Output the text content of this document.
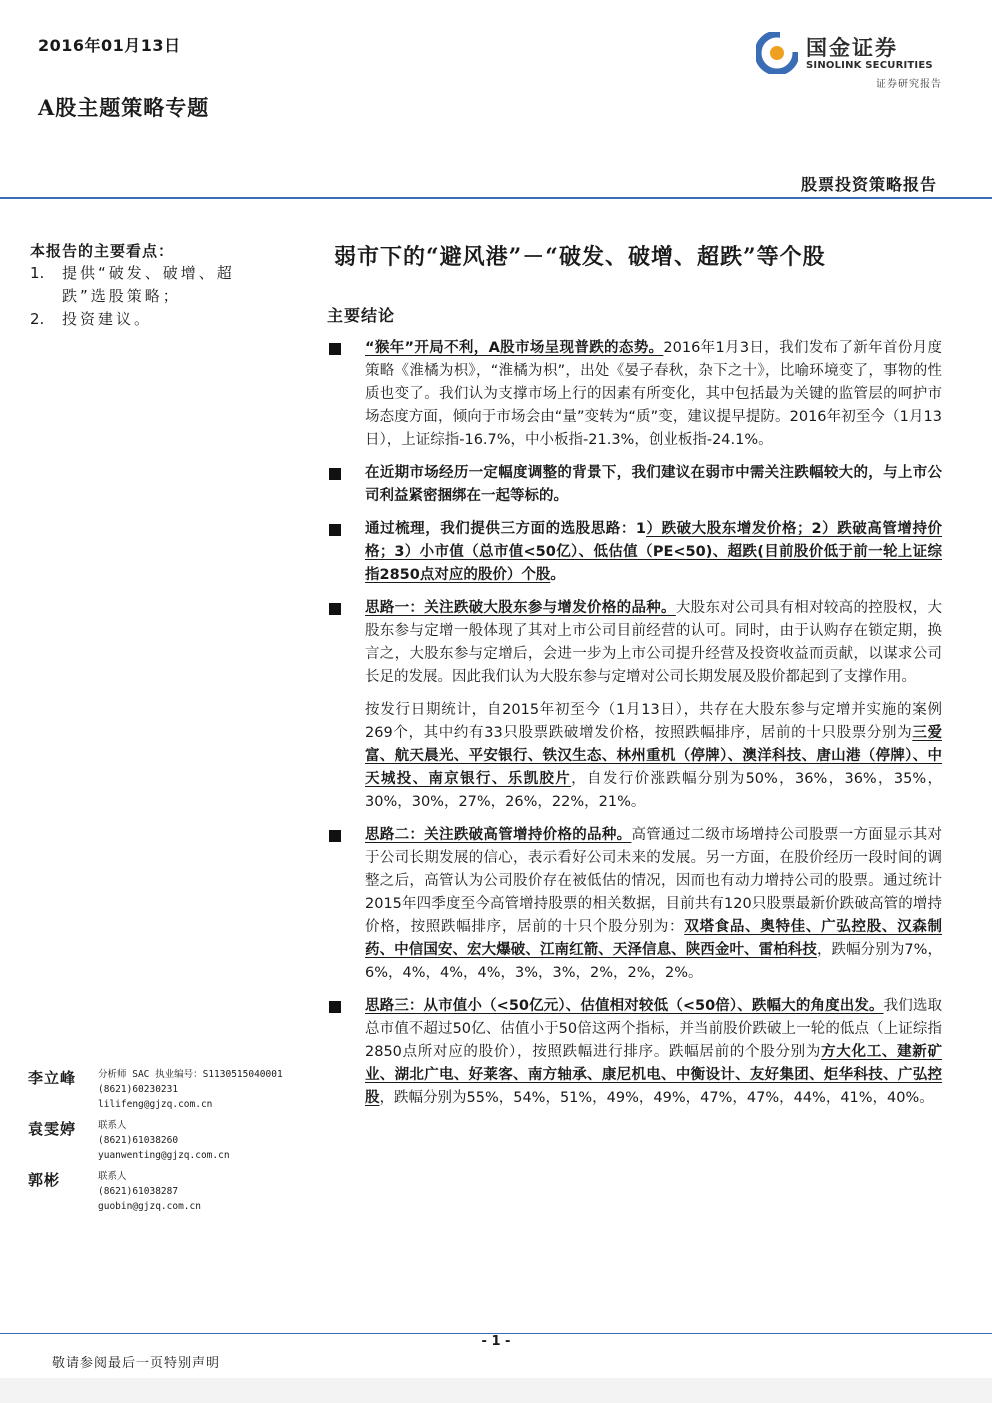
2016年01月13日
A股主题策略专题
国金证券
SINOLINK SECURITIES
证券研究报告
股票投资策略报告
本报告的主要看点：
1.	提供“破发、破增、超跌”选股策略；
2.	投资建议。
弱市下的“避风港”－“破发、破增、超跌”等个股
主要结论
“猴年”开局不利，A股市场呈现普跌的态势。2016年1月3日，我们发布了新年首份月度策略《淮橘为枳》，“淮橘为枳”，出处《晏子春秋，杂下之十》，比喻环境变了，事物的性质也变了。我们认为支撑市场上行的因素有所变化，其中包括最为关键的监管层的呵护市场态度方面，倾向于市场会由“量”变转为“质”变，建议提早提防。2016年初至今（1月13日），上证综指-16.7%，中小板指-21.3%，创业板指-24.1%。
在近期市场经历一定幅度调整的背景下，我们建议在弱市中需关注跌幅较大的，与上市公司利益紧密捆绑在一起等标的。
通过梳理，我们提供三方面的选股思路：1）跌破大股东增发价格；2）跌破高管增持价格；3）小市值（总市值<50亿）、低估值（PE<50)、超跌(目前股价低于前一轮上证综指2850点对应的股价）个股。
思路一：关注跌破大股东参与增发价格的品种。大股东对公司具有相对较高的控股权，大股东参与定增一般体现了其对上市公司目前经营的认可。同时，由于认购存在锁定期，换言之，大股东参与定增后，会进一步为上市公司提升经营及投资收益而贡献，以谋求公司长足的发展。因此我们认为大股东参与定增对公司长期发展及股价都起到了支撑作用。
按发行日期统计，自2015年初至今（1月13日），共存在大股东参与定增并实施的案例269个，其中约有33只股票跌破增发价格，按照跌幅排序，居前的十只股票分别为三爱富、航天晨光、平安银行、铁汉生态、林州重机（停牌）、澳洋科技、唐山港（停牌）、中天城投、南京银行、乐凯胶片，自发行价涨跌幅分别为50%，36%，36%，35%，30%，30%，27%，26%，22%，21%。
思路二：关注跌破高管增持价格的品种。高管通过二级市场增持公司股票一方面显示其对于公司长期发展的信心，表示看好公司未来的发展。另一方面，在股价经历一段时间的调整之后，高管认为公司股价存在被低估的情况，因而也有动力增持公司的股票。通过统计2015年四季度至今高管增持股票的相关数据，目前共有120只股票最新价跌破高管的增持价格，按照跌幅排序，居前的十只个股分别为：双塔食品、奥特佳、广弘控股、汉森制药、中信国安、宏大爆破、江南红箭、天泽信息、陕西金叶、雷柏科技，跌幅分别为7%，6%，4%，4%，4%，3%，3%，2%，2%，2%。
思路三：从市值小（<50亿元）、估值相对较低（<50倍）、跌幅大的角度出发。我们选取总市值不超过50亿、估值小于50倍这两个指标，并当前股价跌破上一轮的低点（上证综指2850点所对应的股价），按照跌幅进行排序。跌幅居前的个股分别为方大化工、建新矿业、湖北广电、好莱客、南方轴承、康尼机电、中衡设计、友好集团、炬华科技、广弘控股，跌幅分别为55%，54%，51%，49%，49%，47%，47%，44%，41%，40%。
李立峰	分析师 SAC 执业编号：S1130515040001
(8621)60230231
lilifeng@gjzq.com.cn
袁雯婷	联系人
(8621)61038260
yuanwenting@gjzq.com.cn
郭彬	联系人
(8621)61038287
guobin@gjzq.com.cn
- 1 -
敬请参阅最后一页特别声明
